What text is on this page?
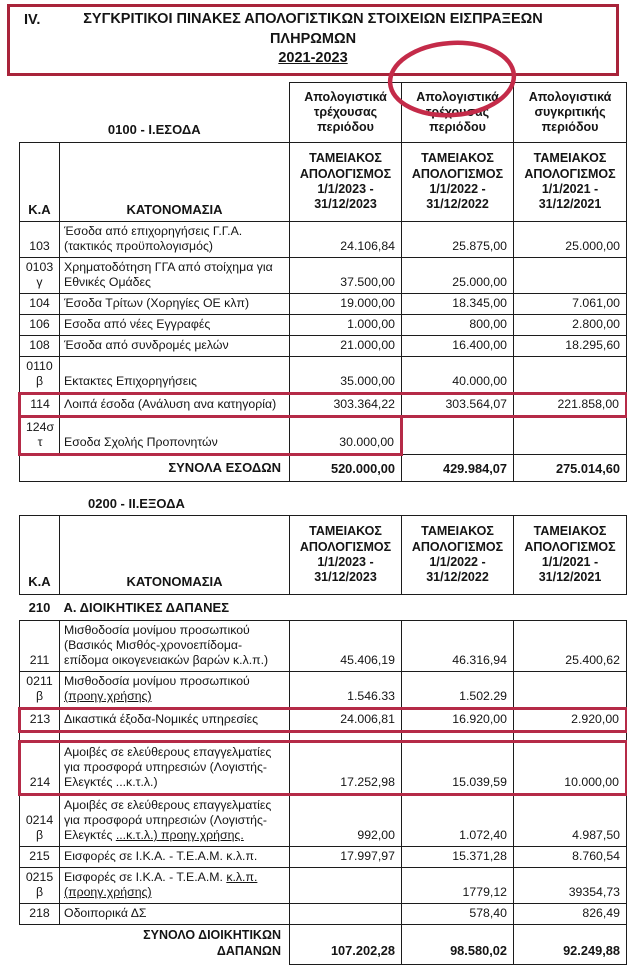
IV.	ΣΥΓΚΡΙΤΙΚΟΙ ΠΙΝΑΚΕΣ ΑΠΟΛΟΓΙΣΤΙΚΩΝ ΣΤΟΙΧΕΙΩΝ ΕΙΣΠΡΑΞΕΩΝ ΠΛΗΡΩΜΩΝ
2021-2023
0100 - Ι.ΕΣΟΔΑ		Απολογιστικά τρέχουσας περιόδου	Απολογιστικά τρέχουσας περιόδου	Απολογιστικά συγκριτικής περιόδου
Κ.Α	ΚΑΤΟΝΟΜΑΣΙΑ	ΤΑΜΕΙΑΚΟΣ ΑΠΟΛΟΓΙΣΜΟΣ 1/1/2023 - 31/12/2023	ΤΑΜΕΙΑΚΟΣ ΑΠΟΛΟΓΙΣΜΟΣ 1/1/2022 - 31/12/2022	ΤΑΜΕΙΑΚΟΣ ΑΠΟΛΟΓΙΣΜΟΣ 1/1/2021 - 31/12/2021
103	Έσοδα από επιχορηγήσεις Γ.Γ.Α. (τακτικός προϋπολογισμός)	24.106,84	25.875,00	25.000,00
0103γ	Χρηματοδότηση ΓΓΑ από στοίχημα για Εθνικές Ομάδες	37.500,00	25.000,00	
104	Έσοδα Τρίτων (Χορηγίες ΟΕ κλπ)	19.000,00	18.345,00	7.061,00
106	Εσοδα από νέες Εγγραφές	1.000,00	800,00	2.800,00
108	Έσοδα από συνδρομές μελών	21.000,00	16.400,00	18.295,60
0110β	Εκτακτες Επιχορηγήσεις	35.000,00	40.000,00	
114	Λοιπά έσοδα (Ανάλυση ανα κατηγορία)	303.364,22	303.564,07	221.858,00
124στ	Εσοδα Σχολής Προπονητών	30.000,00		
ΣΥΝΟΛΑ ΕΣΟΔΩΝ		520.000,00	429.984,07	275.014,60
0200 - ΙΙ.ΕΞΟΔΑ
Κ.Α	ΚΑΤΟΝΟΜΑΣΙΑ	ΤΑΜΕΙΑΚΟΣ ΑΠΟΛΟΓΙΣΜΟΣ 1/1/2023 - 31/12/2023	ΤΑΜΕΙΑΚΟΣ ΑΠΟΛΟΓΙΣΜΟΣ 1/1/2022 - 31/12/2022	ΤΑΜΕΙΑΚΟΣ ΑΠΟΛΟΓΙΣΜΟΣ 1/1/2021 - 31/12/2021
210	Α. ΔΙΟΙΚΗΤΙΚΕΣ ΔΑΠΑΝΕΣ			
211	Μισθοδοσία μονίμου προσωπικού (Βασικός Μισθός-χρονοεπίδομα-επίδομα οικογενειακών βαρών κ.λ.π.)	45.406,19	46.316,94	25.400,62
0211β	Μισθοδοσία μονίμου προσωπικού (προηγ.χρήσης)	1.546.33	1.502.29	
213	Δικαστικά έξοδα-Νομικές υπηρεσίες	24.006,81	16.920,00	2.920,00

214	Αμοιβές σε ελεύθερους επαγγελματίες για προσφορά υπηρεσιών (Λογιστής-Ελεγκτές ...κ.τ.λ.)	17.252,98	15.039,59	10.000,00
0214β	Αμοιβές σε ελεύθερους επαγγελματίες για προσφορά υπηρεσιών (Λογιστής-Ελεγκτές ...κ.τ.λ.) προηγ.χρήσης.	992,00	1.072,40	4.987,50
215	Εισφορές σε Ι.Κ.Α. - Τ.Ε.Α.Μ. κ.λ.π.	17.997,97	15.371,28	8.760,54
0215β	Εισφορές σε Ι.Κ.Α. - Τ.Ε.Α.Μ. κ.λ.π. (προηγ.χρήσης)		1779,12	39354,73
218	Οδοιπορικά ΔΣ		578,40	826,49
ΣΥΝΟΛΟ ΔΙΟΙΚΗΤΙΚΩΝ ΔΑΠΑΝΩΝ		107.202,28	98.580,02	92.249,88
